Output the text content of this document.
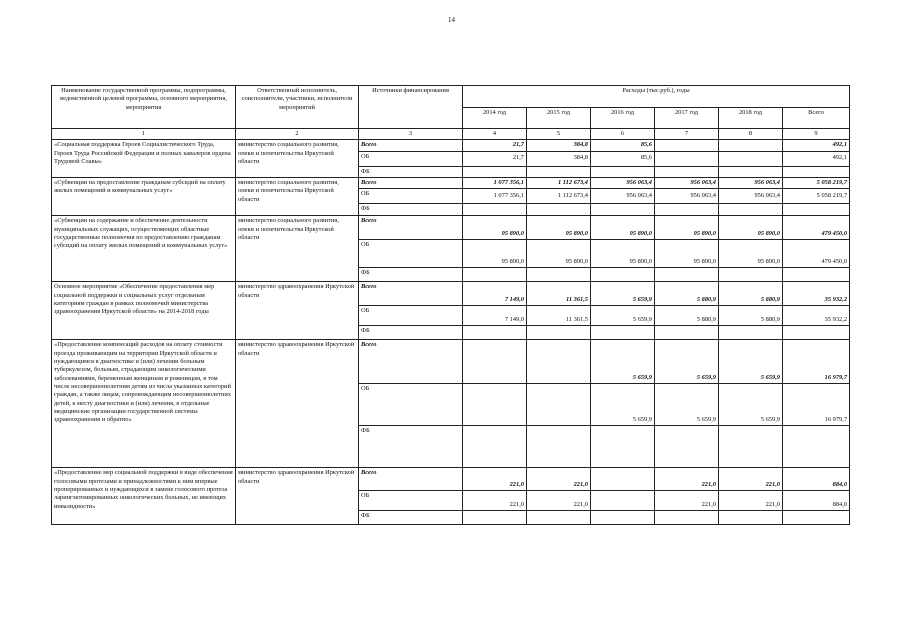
14
Наименование государственной программы, подпрограммы, ведомственной целевой программы, основного мероприятия, мероприятия	Ответственный исполнитель, соисполнители, участники, исполнители мероприятий	Источники финансирования	Расходы (тыс.руб.), годы					
			2014 год	2015 год	2016 год	2017 год	2018 год	Всего
1	2	3	4	5	6	7	8	9
«Социальная поддержка Героев Социалистического Труда, Героев Труда Российской Федерации и полных кавалеров ордена Трудовой Славы»	министерство социального развития, опеки и попечительства Иркутской области	Всего	21,7	384,8	85,6			492,1
		ОБ	21,7	384,8	85,6			492,1
		ФБ						
«Субвенции на предоставление гражданам субсидий на оплату жилых помещений и коммунальных услуг»	министерство социального развития, опеки и попечительства Иркутской области	Всего	1 077 356,1	1 112 673,4	956 063,4	956 063,4	956 063,4	5 058 219,7
		ОБ	1 077 356,1	1 112 673,4	956 063,4	956 063,4	956 063,4	5 058 219,7
		ФБ						
«Субвенции на содержание и обеспечение деятельности муниципальных служащих, осуществляющих областные государственные полномочия по предоставлению гражданам субсидий на оплату жилых помещений и коммунальных услуг»	министерство социального развития, опеки и попечительства Иркутской области	Всего	95 890,0	95 890,0	95 890,0	95 890,0	95 890,0	479 450,0
		ОБ	95 890,0	95 890,0	95 890,0	95 890,0	95 890,0	479 450,0
		ФБ						
Основное мероприятие «Обеспечение предоставления мер социальной поддержки и социальных услуг отдельным категориям граждан в рамках полномочий министерства здравоохранения Иркутской области» на 2014-2018 годы	министерство здравоохранения Иркутской области	Всего	7 149,0	11 361,5	5 659,9	5 880,9	5 880,9	35 932,2
		ОБ	7 149,0	11 361,5	5 659,9	5 880,9	5 880,9	35 932,2
		ФБ						
«Предоставление компенсаций расходов на оплату стоимости проезда проживающим на территории Иркутской области и нуждающимся в диагностике и (или) лечении больным туберкулезом, больным, страдающим онкологическими заболеваниями, беременным женщинам и роженицам, в том числе несовершеннолетним детям из числа указанных категорий граждан, а также лицам, сопровождающим несовершеннолетних детей, к месту диагностики и (или) лечения, в отдельные медицинские организации государственной системы здравоохранения и обратно»	министерство здравоохранения Иркутской области	Всего			5 659,9	5 659,9	5 659,9	16 979,7
		ОБ			5 659,9	5 659,9	5 659,9	16 979,7
		ФБ						
«Предоставление мер социальной поддержки в виде обеспечения голосовыми протезами и принадлежностями к ним впервые проперированных и нуждающихся в замене голосового протеза ларингэктомированных онкологических больных, не имеющих инвалидности»	министерство здравоохранения Иркутской области	Всего	221,0	221,0		221,0	221,0	884,0
		ОБ	221,0	221,0		221,0	221,0	884,0
		ФБ						
